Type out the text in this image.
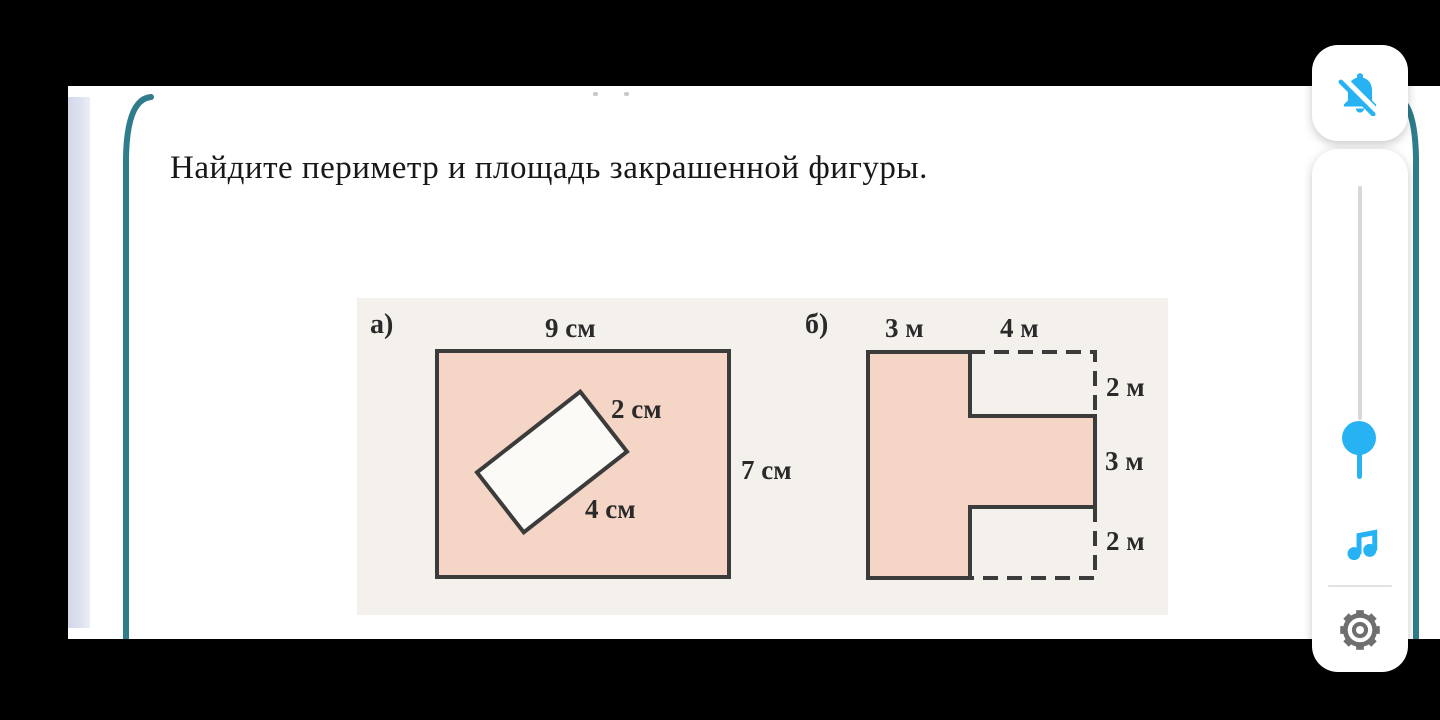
Найдите периметр и площадь закрашенной фигуры.
а)	9 см
2 см
4 см
7 см
б) 3 м	4 м
2 м
3 м
2 м
